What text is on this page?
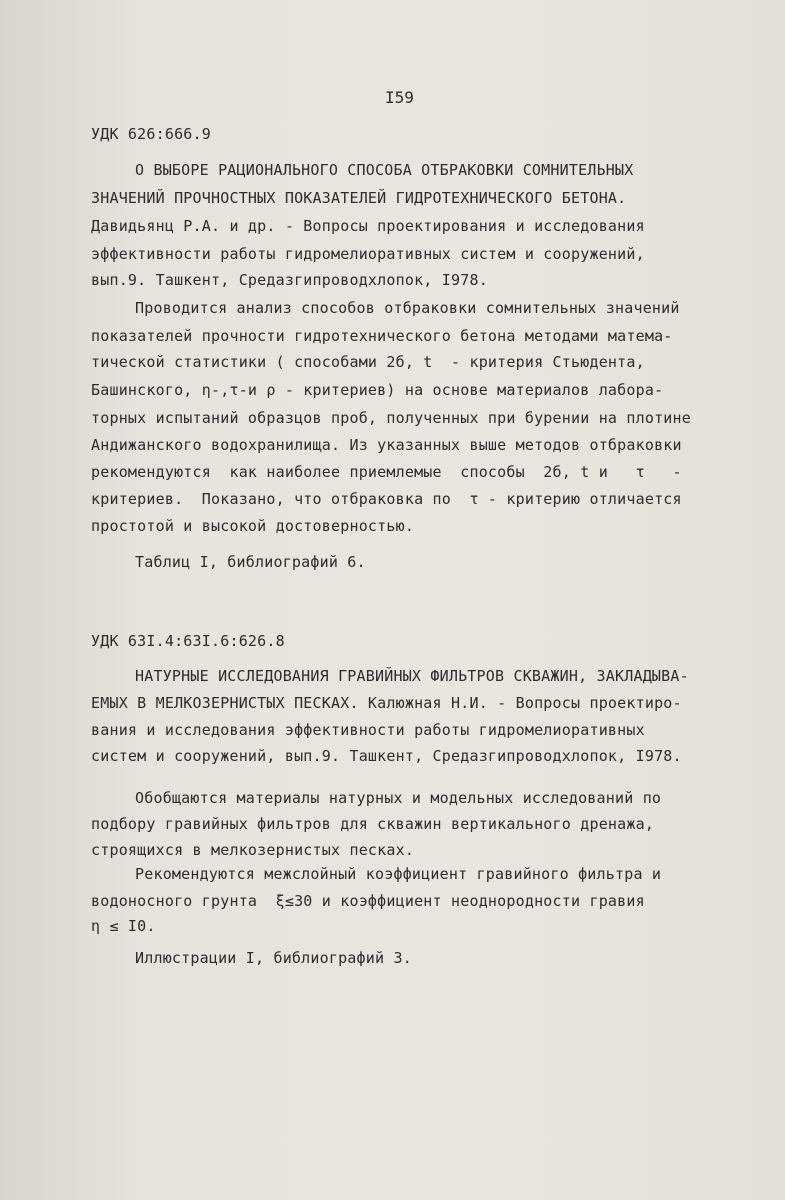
I59
УДК 626:666.9
О ВЫБОРЕ РАЦИОНАЛЬНОГО СПОСОБА ОТБРАКОВКИ СОМНИТЕЛЬНЫХ
ЗНАЧЕНИЙ ПРОЧНОСТНЫХ ПОКАЗАТЕЛЕЙ ГИДРОТЕХНИЧЕСКОГО БЕТОНА.
Давидьянц Р.А. и др. - Вопросы проектирования и исследования
эффективности работы гидромелиоративных систем и сооружений,
вып.9. Ташкент, Средазгипроводхлопок, I978.
Проводится анализ способов отбраковки сомнительных значений
показателей прочности гидротехнического бетона методами матема-
тической статистики ( способами 2б, t  - критерия Стьюдента,
Башинского, η-,τ-и ρ - критериев) на основе материалов лабора-
торных испытаний образцов проб, полученных при бурении на плотине
Андижанского водохранилища. Из указанных выше методов отбраковки
рекомендуются  как наиболее приемлемые  способы  2б, t и   τ   -
критериев.  Показано, что отбраковка по  τ - критерию отличается
простотой и высокой достоверностью.
Таблиц I, библиографий 6.
УДК 63I.4:63I.6:626.8
НАТУРНЫЕ ИССЛЕДОВАНИЯ ГРАВИЙНЫХ ФИЛЬТРОВ СКВАЖИН, ЗАКЛАДЫВА-
ЕМЫХ В МЕЛКОЗЕРНИСТЫХ ПЕСКАХ. Калюжная Н.И. - Вопросы проектиро-
вания и исследования эффективности работы гидромелиоративных
систем и сооружений, вып.9. Ташкент, Средазгипроводхлопок, I978.
Обобщаются материалы натурных и модельных исследований по
подбору гравийных фильтров для скважин вертикального дренажа,
строящихся в мелкозернистых песках.
Рекомендуются межслойный коэффициент гравийного фильтра и
водоносного грунта  ξ≤30 и коэффициент неоднородности гравия
η ≤ I0.
Иллюстрации I, библиографий 3.
